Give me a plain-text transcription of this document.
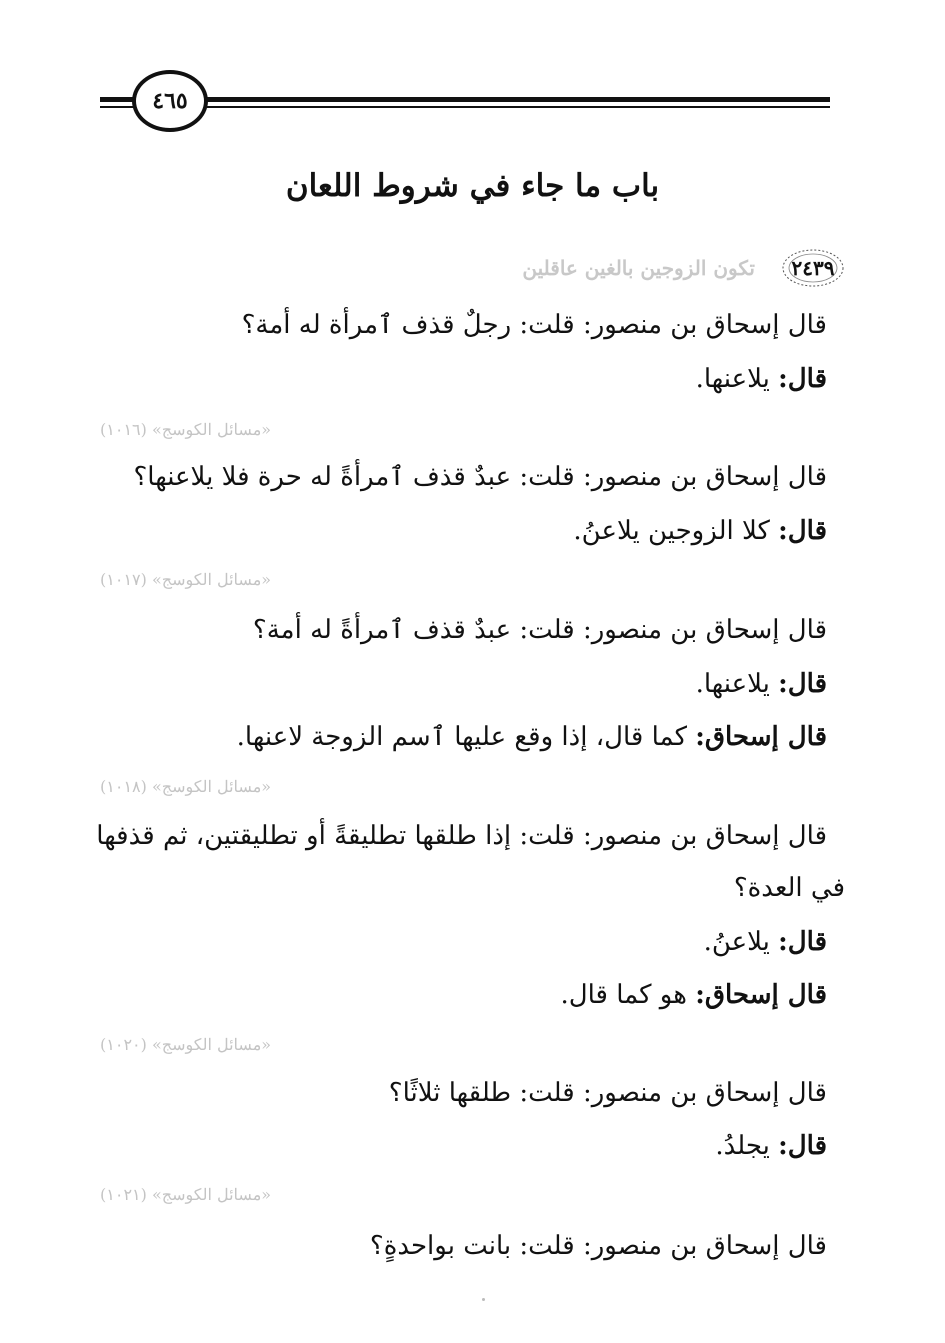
٤٦٥
باب ما جاء في شروط اللعان
٢٤٣٩
تكون الزوجين بالغين عاقلين
قال إسحاق بن منصور: قلت: رجلٌ قذف ٱمرأة له أمة؟
قال: يلاعنها.
«مسائل الكوسج» (١٠١٦)
قال إسحاق بن منصور: قلت: عبدٌ قذف ٱمرأةً له حرة فلا يلاعنها؟
قال: كلا الزوجين يلاعنُ.
«مسائل الكوسج» (١٠١٧)
قال إسحاق بن منصور: قلت: عبدٌ قذف ٱمرأةً له أمة؟
قال: يلاعنها.
قال إسحاق: كما قال، إذا وقع عليها ٱسم الزوجة لاعنها.
«مسائل الكوسج» (١٠١٨)
قال إسحاق بن منصور: قلت: إذا طلقها تطليقةً أو تطليقتين، ثم قذفها
في العدة؟
قال: يلاعنُ.
قال إسحاق: هو كما قال.
«مسائل الكوسج» (١٠٢٠)
قال إسحاق بن منصور: قلت: طلقها ثلاثًا؟
قال: يجلدُ.
«مسائل الكوسج» (١٠٢١)
قال إسحاق بن منصور: قلت: بانت بواحدةٍ؟
